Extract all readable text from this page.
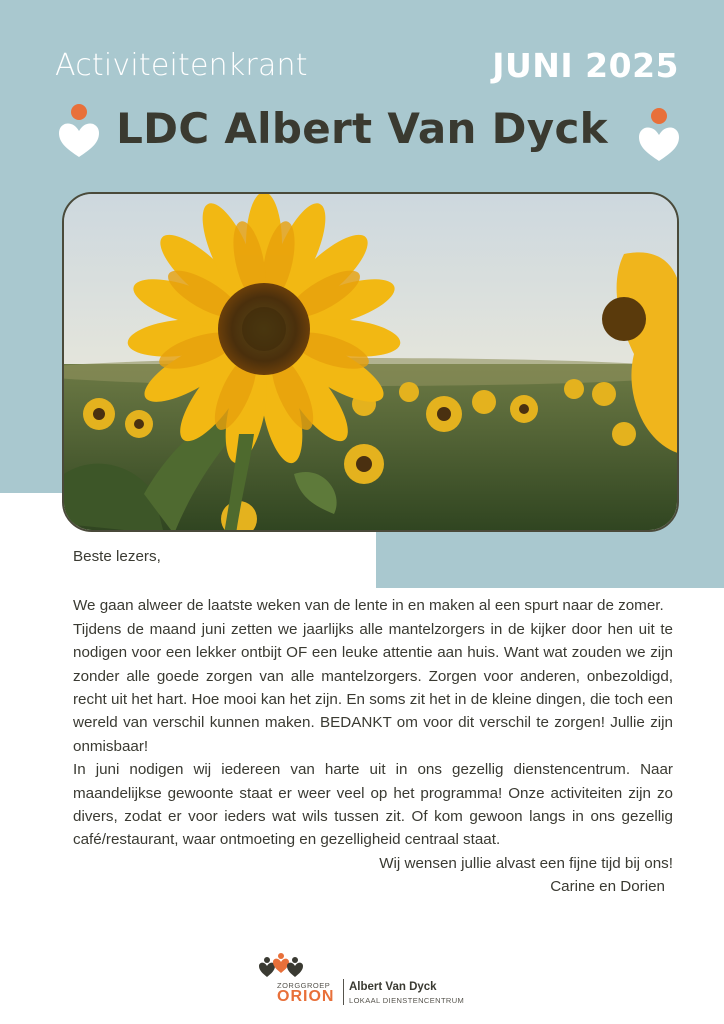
Activiteitenkrant	JUNI 2025
LDC Albert Van Dyck

Beste lezers,

We gaan alweer de laatste weken van de lente in en maken al een spurt naar de zomer.

Tijdens de maand juni zetten we jaarlijks alle mantelzorgers in de kijker door hen uit te nodigen voor een lekker ontbijt OF een leuke attentie aan huis. Want wat zouden we zijn zonder alle goede zorgen van alle mantelzorgers. Zorgen voor anderen, onbezoldigd, recht uit het hart. Hoe mooi kan het zijn. En soms zit het in de kleine dingen, die toch een wereld van verschil kunnen maken. BEDANKT om voor dit verschil te zorgen! Jullie zijn onmisbaar!

In juni nodigen wij iedereen van harte uit in ons gezellig dienstencentrum. Naar maandelijkse gewoonte staat er weer veel op het programma! Onze activiteiten zijn zo divers, zodat er voor ieders wat wils tussen zit. Of kom gewoon langs in ons gezellig café/restaurant, waar ontmoeting en gezelligheid centraal staat.

Wij wensen jullie alvast een fijne tijd bij ons!

Carine en Dorien

ZORGGROEP
ORION
Albert Van Dyck
LOKAAL DIENSTENCENTRUM
